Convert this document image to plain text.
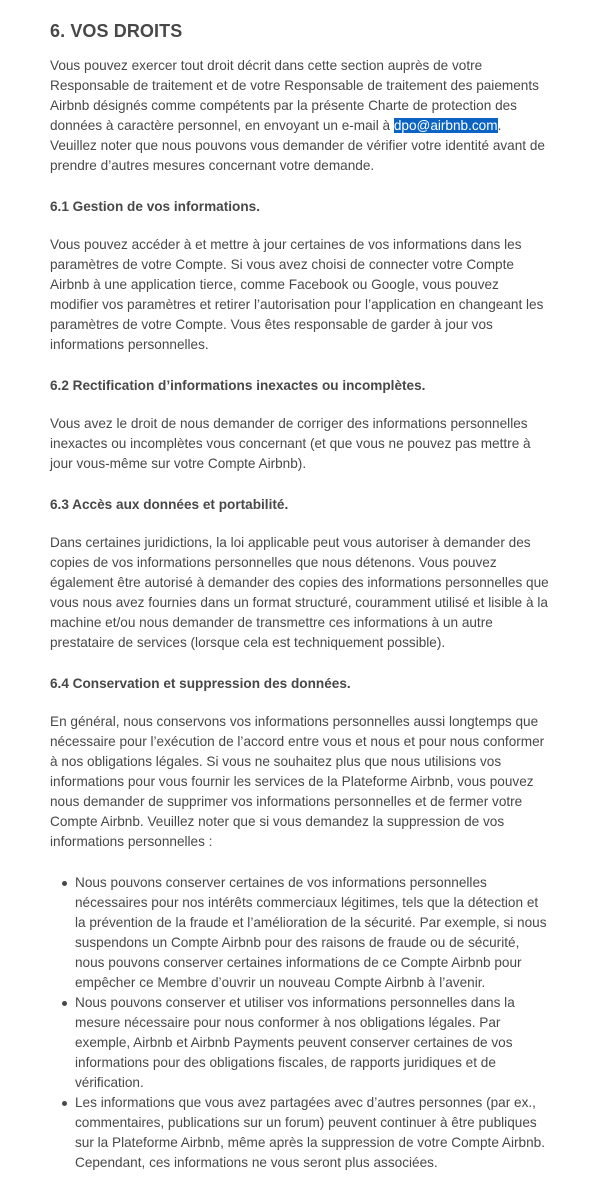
6. VOS DROITS

Vous pouvez exercer tout droit décrit dans cette section auprès de votre Responsable de traitement et de votre Responsable de traitement des paiements Airbnb désignés comme compétents par la présente Charte de protection des données à caractère personnel, en envoyant un e-mail à dpo@airbnb.com. Veuillez noter que nous pouvons vous demander de vérifier votre identité avant de prendre d’autres mesures concernant votre demande.

6.1 Gestion de vos informations.

Vous pouvez accéder à et mettre à jour certaines de vos informations dans les paramètres de votre Compte. Si vous avez choisi de connecter votre Compte Airbnb à une application tierce, comme Facebook ou Google, vous pouvez modifier vos paramètres et retirer l’autorisation pour l’application en changeant les paramètres de votre Compte. Vous êtes responsable de garder à jour vos informations personnelles.

6.2 Rectification d’informations inexactes ou incomplètes.

Vous avez le droit de nous demander de corriger des informations personnelles inexactes ou incomplètes vous concernant (et que vous ne pouvez pas mettre à jour vous-même sur votre Compte Airbnb).

6.3 Accès aux données et portabilité.

Dans certaines juridictions, la loi applicable peut vous autoriser à demander des copies de vos informations personnelles que nous détenons. Vous pouvez également être autorisé à demander des copies des informations personnelles que vous nous avez fournies dans un format structuré, couramment utilisé et lisible à la machine et/ou nous demander de transmettre ces informations à un autre prestataire de services (lorsque cela est techniquement possible).

6.4 Conservation et suppression des données.

En général, nous conservons vos informations personnelles aussi longtemps que nécessaire pour l’exécution de l’accord entre vous et nous et pour nous conformer à nos obligations légales. Si vous ne souhaitez plus que nous utilisions vos informations pour vous fournir les services de la Plateforme Airbnb, vous pouvez nous demander de supprimer vos informations personnelles et de fermer votre Compte Airbnb. Veuillez noter que si vous demandez la suppression de vos informations personnelles :

Nous pouvons conserver certaines de vos informations personnelles nécessaires pour nos intérêts commerciaux légitimes, tels que la détection et la prévention de la fraude et l’amélioration de la sécurité. Par exemple, si nous suspendons un Compte Airbnb pour des raisons de fraude ou de sécurité, nous pouvons conserver certaines informations de ce Compte Airbnb pour empêcher ce Membre d’ouvrir un nouveau Compte Airbnb à l’avenir.
Nous pouvons conserver et utiliser vos informations personnelles dans la mesure nécessaire pour nous conformer à nos obligations légales. Par exemple, Airbnb et Airbnb Payments peuvent conserver certaines de vos informations pour des obligations fiscales, de rapports juridiques et de vérification.
Les informations que vous avez partagées avec d’autres personnes (par ex., commentaires, publications sur un forum) peuvent continuer à être publiques sur la Plateforme Airbnb, même après la suppression de votre Compte Airbnb. Cependant, ces informations ne vous seront plus associées.
